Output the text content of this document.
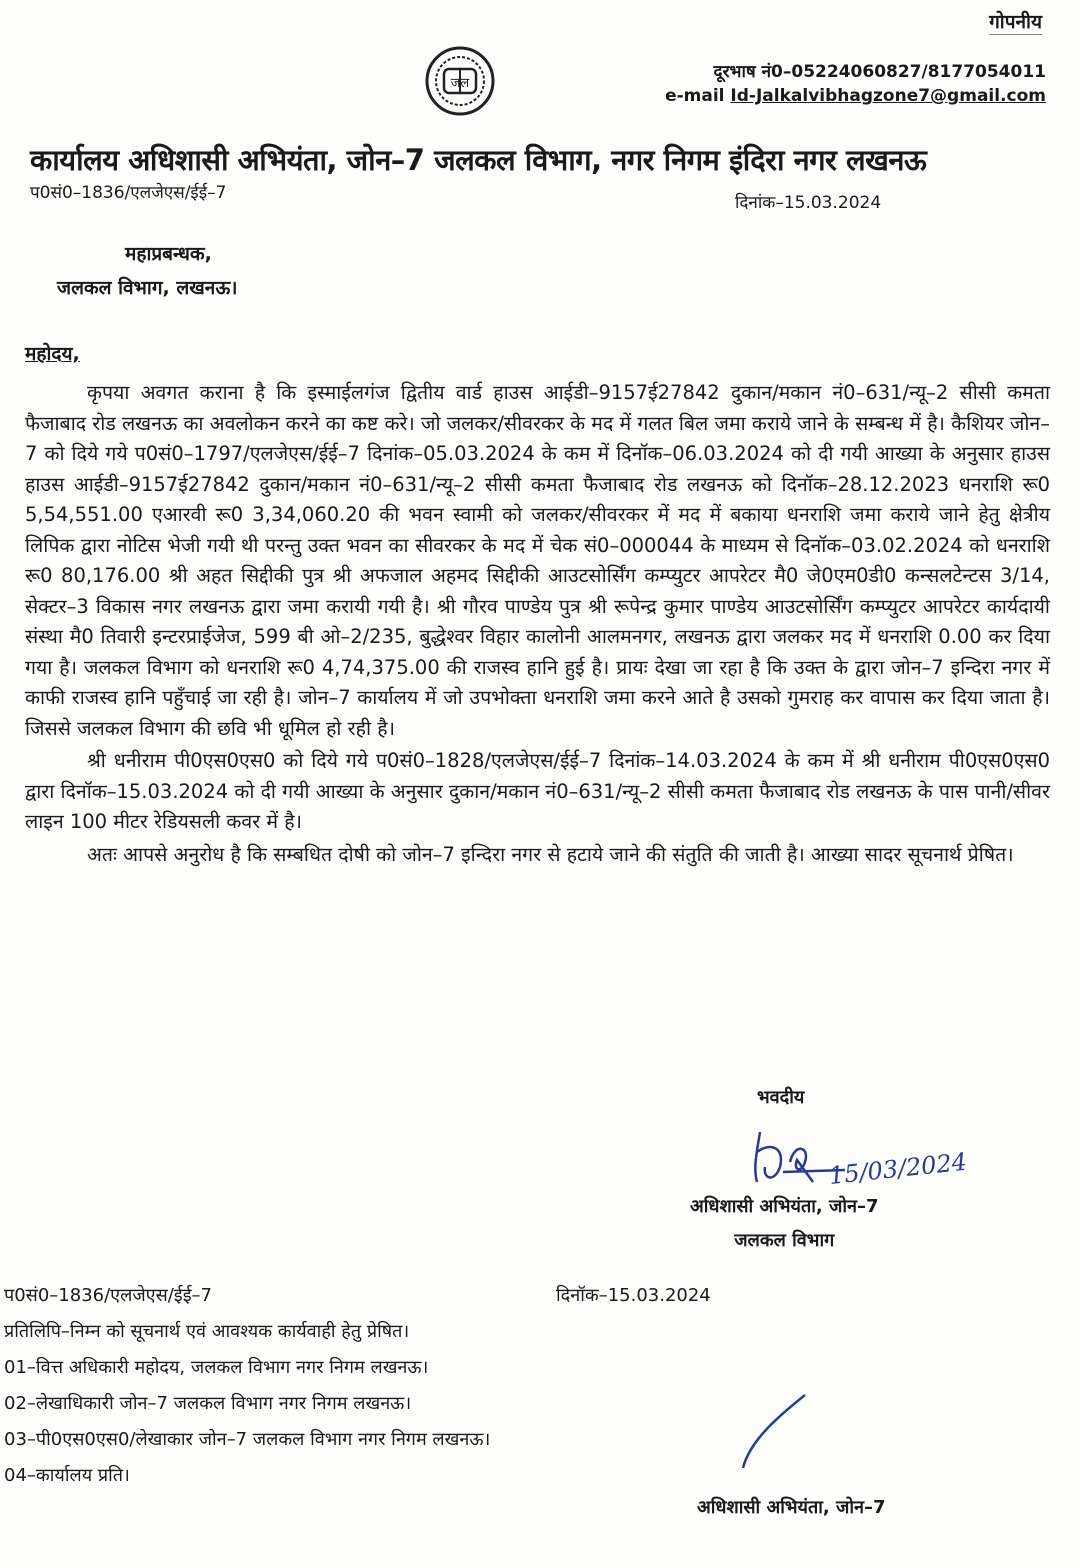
गोपनीय
जल
दूरभाष नं0–05224060827/8177054011
e-mail Id-Jalkalvibhagzone7@gmail.com
कार्यालय अधिशासी अभियंता, जोन–7 जलकल विभाग, नगर निगम इंदिरा नगर लखनऊ
प0सं0–1836/एलजेएस/ईई–7	दिनांक–15.03.2024
महाप्रबन्धक,
जलकल विभाग, लखनऊ।
महोदय,

कृपया अवगत कराना है कि इस्माईलगंज द्वितीय वार्ड हाउस आईडी–9157ई27842 दुकान/मकान नं0–631/न्यू–2 सीसी कमता फैजाबाद रोड लखनऊ का अवलोकन करने का कष्ट करे। जो जलकर/सीवरकर के मद में गलत बिल जमा कराये जाने के सम्बन्ध में है। कैशियर जोन–7 को दिये गये प0सं0–1797/एलजेएस/ईई–7 दिनांक–05.03.2024 के कम में दिनॉक–06.03.2024 को दी गयी आख्या के अनुसार हाउस हाउस आईडी–9157ई27842 दुकान/मकान नं0–631/न्यू–2 सीसी कमता फैजाबाद रोड लखनऊ को दिनॉक–28.12.2023 धनराशि रू0 5,54,551.00 एआरवी रू0 3,34,060.20 की भवन स्वामी को जलकर/सीवरकर में मद में बकाया धनराशि जमा कराये जाने हेतु क्षेत्रीय लिपिक द्वारा नोटिस भेजी गयी थी परन्तु उक्त भवन का सीवरकर के मद में चेक सं0–000044 के माध्यम से दिनॉक–03.02.2024 को धनराशि रू0 80,176.00 श्री अहत सिद्दीकी पुत्र श्री अफजाल अहमद सिद्दीकी आउटसोर्सिंग कम्प्युटर आपरेटर मै0 जे0एम0डी0 कन्सलटेन्टस 3/14, सेक्टर–3 विकास नगर लखनऊ द्वारा जमा करायी गयी है। श्री गौरव पाण्डेय पुत्र श्री रूपेन्द्र कुमार पाण्डेय आउटसोर्सिंग कम्प्युटर आपरेटर कार्यदायी संस्था मै0 तिवारी इन्टरप्राईजेज, 599 बी ओ–2/235, बुद्धेश्वर विहार कालोनी आलमनगर, लखनऊ द्वारा जलकर मद में धनराशि 0.00 कर दिया गया है। जलकल विभाग को धनराशि रू0 4,74,375.00 की राजस्व हानि हुई है। प्रायः देखा जा रहा है कि उक्त के द्वारा जोन–7 इन्दिरा नगर में काफी राजस्व हानि पहुँचाई जा रही है। जोन–7 कार्यालय में जो उपभोक्ता धनराशि जमा करने आते है उसको गुमराह कर वापास कर दिया जाता है। जिससे जलकल विभाग की छवि भी धूमिल हो रही है।

श्री धनीराम पी0एस0एस0 को दिये गये प0सं0–1828/एलजेएस/ईई–7 दिनांक–14.03.2024 के कम में श्री धनीराम पी0एस0एस0 द्वारा दिनॉक–15.03.2024 को दी गयी आख्या के अनुसार दुकान/मकान नं0–631/न्यू–2 सीसी कमता फैजाबाद रोड लखनऊ के पास पानी/सीवर लाइन 100 मीटर रेडियसली कवर में है।

अतः आपसे अनुरोध है कि सम्बधित दोषी को जोन–7 इन्दिरा नगर से हटाये जाने की संतुति की जाती है। आख्या सादर सूचनार्थ प्रेषित।

भवदीय
15/03/2024
अधिशासी अभियंता, जोन–7
जलकल विभाग
प0सं0–1836/एलजेएस/ईई–7	दिनॉक–15.03.2024
प्रतिलिपि–निम्न को सूचनार्थ एवं आवश्यक कार्यवाही हेतु प्रेषित।
01–वित्त अधिकारी महोदय, जलकल विभाग नगर निगम लखनऊ।
02–लेखाधिकारी जोन–7 जलकल विभाग नगर निगम लखनऊ।
03–पी0एस0एस0/लेखाकार जोन–7 जलकल विभाग नगर निगम लखनऊ।
04–कार्यालय प्रति।
अधिशासी अभियंता, जोन–7
